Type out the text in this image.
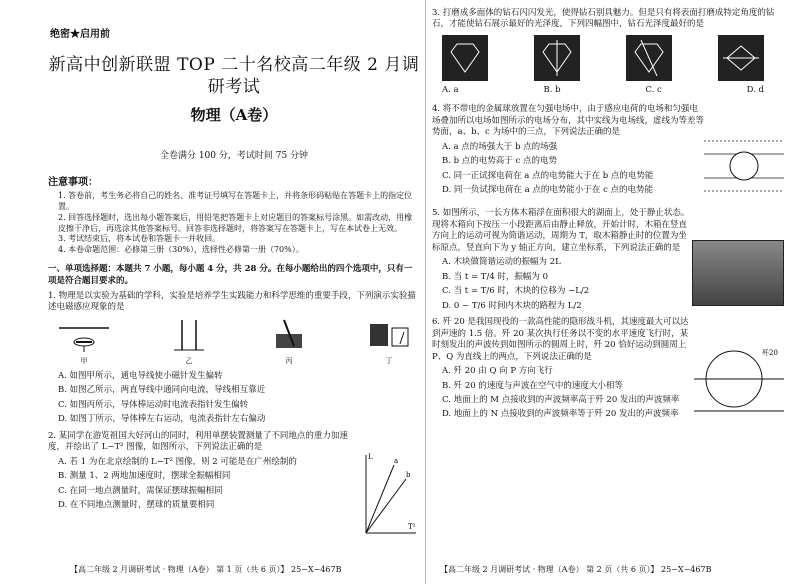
绝密★启用前
新高中创新联盟 TOP 二十名校高二年级 2 月调研考试
物理（A卷）
全卷满分 100 分，考试时间 75 分钟
注意事项：

1. 答卷前，考生务必将自己的姓名、准考证号填写在答题卡上，并将条形码粘贴在答题卡上的指定位置。

2. 回答选择题时，选出每小题答案后，用铅笔把答题卡上对应题目的答案标号涂黑。如需改动，用橡皮擦干净后，再选涂其他答案标号。回答非选择题时，将答案写在答题卡上，写在本试卷上无效。

3. 考试结束后，将本试卷和答题卡一并收回。

4. 本卷命题范围：必修第三册（30%），选择性必修第一册（70%）。

一、单项选择题：本题共 7 小题，每小题 4 分，共 28 分。在每小题给出的四个选项中，只有一项是符合题目要求的。
1. 物理是以实验为基础的学科，实验是培养学生实践能力和科学思维的重要手段，下列演示实验描述电磁感应现象的是
甲	乙	丙	丁
A. 如图甲所示，通电导线使小磁针发生偏转
B. 如图乙所示，两直导线中通同向电流，导线相互靠近
C. 如图丙所示，导体棒运动时电流表指针发生偏转
D. 如图丁所示，导体棒左右运动，电流表指针左右偏动
2. 某同学在游览祖国大好河山的同时，利用单摆装置测量了不同地点的重力加速度，并绘出了 L−T² 图像，如图所示，下列说法正确的是
A. 若 1 为在北京绘制的 L−T² 图像，则 2 可能是在广州绘制的
B. 测量 1、2 两地加速度时，摆球全振幅相同
C. 在同一地点测量时，需保证摆球振幅相同
D. 在不同地点测量时，摆球的质量要相同
L
T²
a
b
【高二年级 2 月调研考试 · 物理（A卷） 第 1 页（共 6 页）】 25−X−467B
3. 打磨成多面体的钻石闪闪发光，使得钻石别具魅力。但是只有将表面打磨成特定角度的钻石，才能使钻石展示最好的光泽度，下列四幅图中，钻石光泽度最好的是
A. a	B. b	C. c	D. d
4. 将不带电的金属球放置在匀强电场中，由于感应电荷的电场和匀强电场叠加所以电场如图所示的电场分布，其中实线为电场线，虚线为等差等势面，a、b、c 为场中的三点，下列说法正确的是
A. a 点的场强大于 b 点的场强
B. b 点的电势高于 c 点的电势
C. 同一正试探电荷在 a 点的电势能大于在 b 点的电势能
D. 同一负试探电荷在 a 点的电势能小于在 c 点的电势能
5. 如图所示，一长方体木箱浮在面积很大的湖面上，处于静止状态。现将木箱向下按压一小段距离后由静止释放，开始计时，木箱在竖直方向上的运动可视为简谐运动，周期为 T，取木箱静止时的位置为坐标原点，竖直向下为 y 轴正方向，建立坐标系，下列说法正确的是
A. 木块做简谐运动的振幅为 2L
B. 当 t = T/4 时，振幅为 0
C. 当 t = T/6 时，木块的位移为 −L/2
D. 0 ~ T/6 时间内木块的路程为 L/2
6. 歼 20 是我国现役的一款高性能的隐形战斗机，其速度最大可以达到声速的 1.5 倍。歼 20 某次执行任务以不变的水平速度飞行时，某时刻发出的声波传到如图所示的圆周上时，歼 20 恰好运动到圆周上 P、Q 为直线上的两点，下列说法正确的是
A. 歼 20 由 Q 向 P 方向飞行
B. 歼 20 的速度与声波在空气中的速度大小相等
C. 地面上的 M 点接收到的声波频率高于歼 20 发出的声波频率
D. 地面上的 N 点接收到的声波频率等于歼 20 发出的声波频率
歼20
【高二年级 2 月调研考试 · 物理（A卷） 第 2 页（共 6 页）】 25−X−467B
